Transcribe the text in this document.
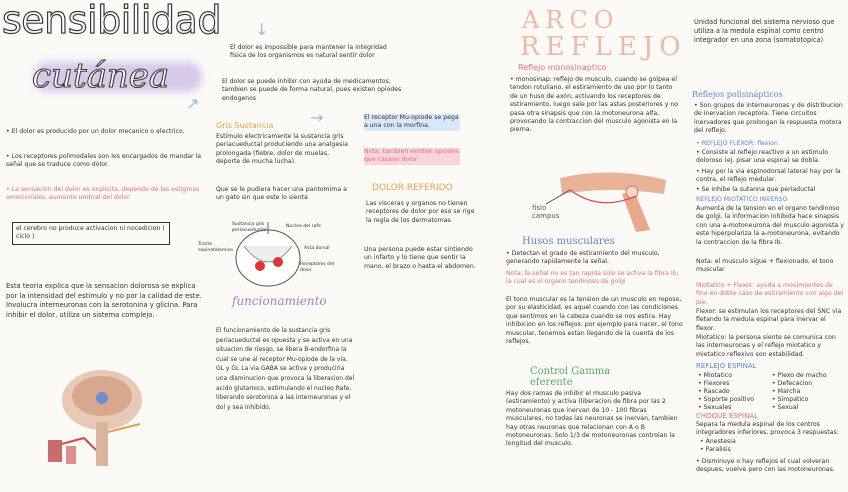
sensibilidad
cutánea
ARCO
REFLEJO
↗
↓
→
• El dolor es producido por un dolor mecanico o electrico.
• Los receptores polimodales son los encargados de mandar la señal que se traduce como dolor.
• La sensación del dolor es explicita, depende de los estigmas emocionales, aumento umbral del dolor.
el cerebro no produce activacion ni nocedicion ( ciclo )
Esta teoria explica que la sensacion dolorosa se explica por la intensidad del estimulo y no por la calidad de este. Involucra interneuronas con la serotonina y glicina. Para inhibir el dolor, utiliza un sistema complejo.
El dolor es impossible para mantener la integridad fisica de los organismos es natural sentir dolor
El dolor se puede inhibir con ayuda de medicamentos, tambien se puede de forma natural, pues existen opiodes endogenos
El receptor Mu-opiode se pega a una con la morfina.
Nota: tambien existen opiodes que causan dolor
Gris Sustancia
Estimulo electricamente la sustancia gris periacueductal produciendo una analgesia prolongada (fiebre, dolor de muelas, deporte de mucha lucha).
Que se le pudiera hacer una pantomima a un gato sin que este lo sienta
Sustancia gris periacueductal
Nucleo del rafe
Tracto espinotalamico	Asta dorsal
Receptores del dolor
funcionamiento
El funcionamiento de la sustancia gris periacueductal es opuesta y se activa en una situacion de riesgo, se libera B-endorfina la cual se une al receptor Mu-opiode de la via. GL y GL La via GABA se activa y produciria una disminucion que provoca la liberacion del acido glutamico, estimulando el nucleo Rafe, liberando serotonina a las interneuronas y el dol y sea inhibido.
DOLOR REFERIDO
Las visceras y organos no tienen receptores de dolor por eso se rige la regla de los dermatomas
Una persona puede estar sintiendo un infarto y lo tiene que sentir la mano, el brazo o hasta el abdomen.
Reflejo monosinaptico
• monosinap: reflejo de musculo, cuando se golpea el tendon rotuliano, el estiramiento de uso por lo tanto de un huso de axón, activando los receptores de estiramiento, luego sale por las astas posteriores y no pasa otra sinapsis que con la motoneurona alfa, provocando la contraccion del musculo agonista en la pierna.
fisio
campus
Husos musculares
• Detectan el grado de estiramiento del musculo, generando rapidamente la señal.
Nota: la señal no es tan rapida solo se activa la fibra Ib, la cual es el organo tendinoso de golgi
El tono muscular es la tension de un musculo en reposo, por su elasticidad, es aquel cuando con las condiciones que sentimos en la cabeza cuando se nos estira. Hay inhibicion en los reflejos: por ejemplo para nacer, el tono muscular, tenemos estan llegando de la cuenta de los reflejos.
Control Gamma eferente
Hay dos ramas de inhibir el musculo pasiva (estiramiento) y activa (liberacion de fibra por las 2 motoneuronas que inervan de 10 - 100 fibras musculares, no todas las neuronas se inervan, tambien hay otras neuronas que relacionan con A o B motoneuronas. Solo 1/3 de motoneuronas controlan la longitud del musculo.
Unidad funcional del sistema nervioso que utiliza a la medula espinal como centro integrador en una zona (somatotopica)
Reflejos polisinápticos
• Son grupos de interneuronas y de distribucion de inervacion receptora. Tiene circuitos inervadores que prolongan la respuesta motora del reflejo.
• REFLEJO FLEXOR: flexion
• Consiste al reflejo reactivo a un estimulo doloroso (ej. pisar una espina) se dobla.
• Hay por la via espinodorsal lateral hay por la contra, el reflejo medular.
• Se inhibe la sutanna que periaductal
REFLEJO MIOTÁTICO INVERSO
Aumenta de la tension en el organo tendinoso de golgi, la informacion inhibida hace sinapsis con una a-motoneurona del musculo agonista y este hiperpolariza la a-motoneurona, evitando la contraccion de la fibra Ib.
Nota: el musculo sigue + flexionado, el tono muscular
Miotatico + Flexor: ayuda a movimientos de fino en doble caso de estiramiento con algo del pie.
Flexor: se estimulan los receptores del SNC via fletando la medula espinal para inervar el flexor.
Miotatico: la persona siente se comunica con las interneuronas y el reflejo miotatico y miotatico reflexivo son estabilidad.
REFLEJO ESPINAL
• Miotatico
• Flexores
• Rascado
• Soporte positivo
• Sexuales
• Plexo de macho
• Defecacion
• Marcha
• Simpatico
• Sexual
CHOQUE ESPINAL
Separa la medula espinal de los centros integradores inferiores, provoca 3 respuestas:
• Anestesia
• Paralisis
• Disminuye o hay reflejos el cual volveran despues, vuelve pero con las motoneuronas.
